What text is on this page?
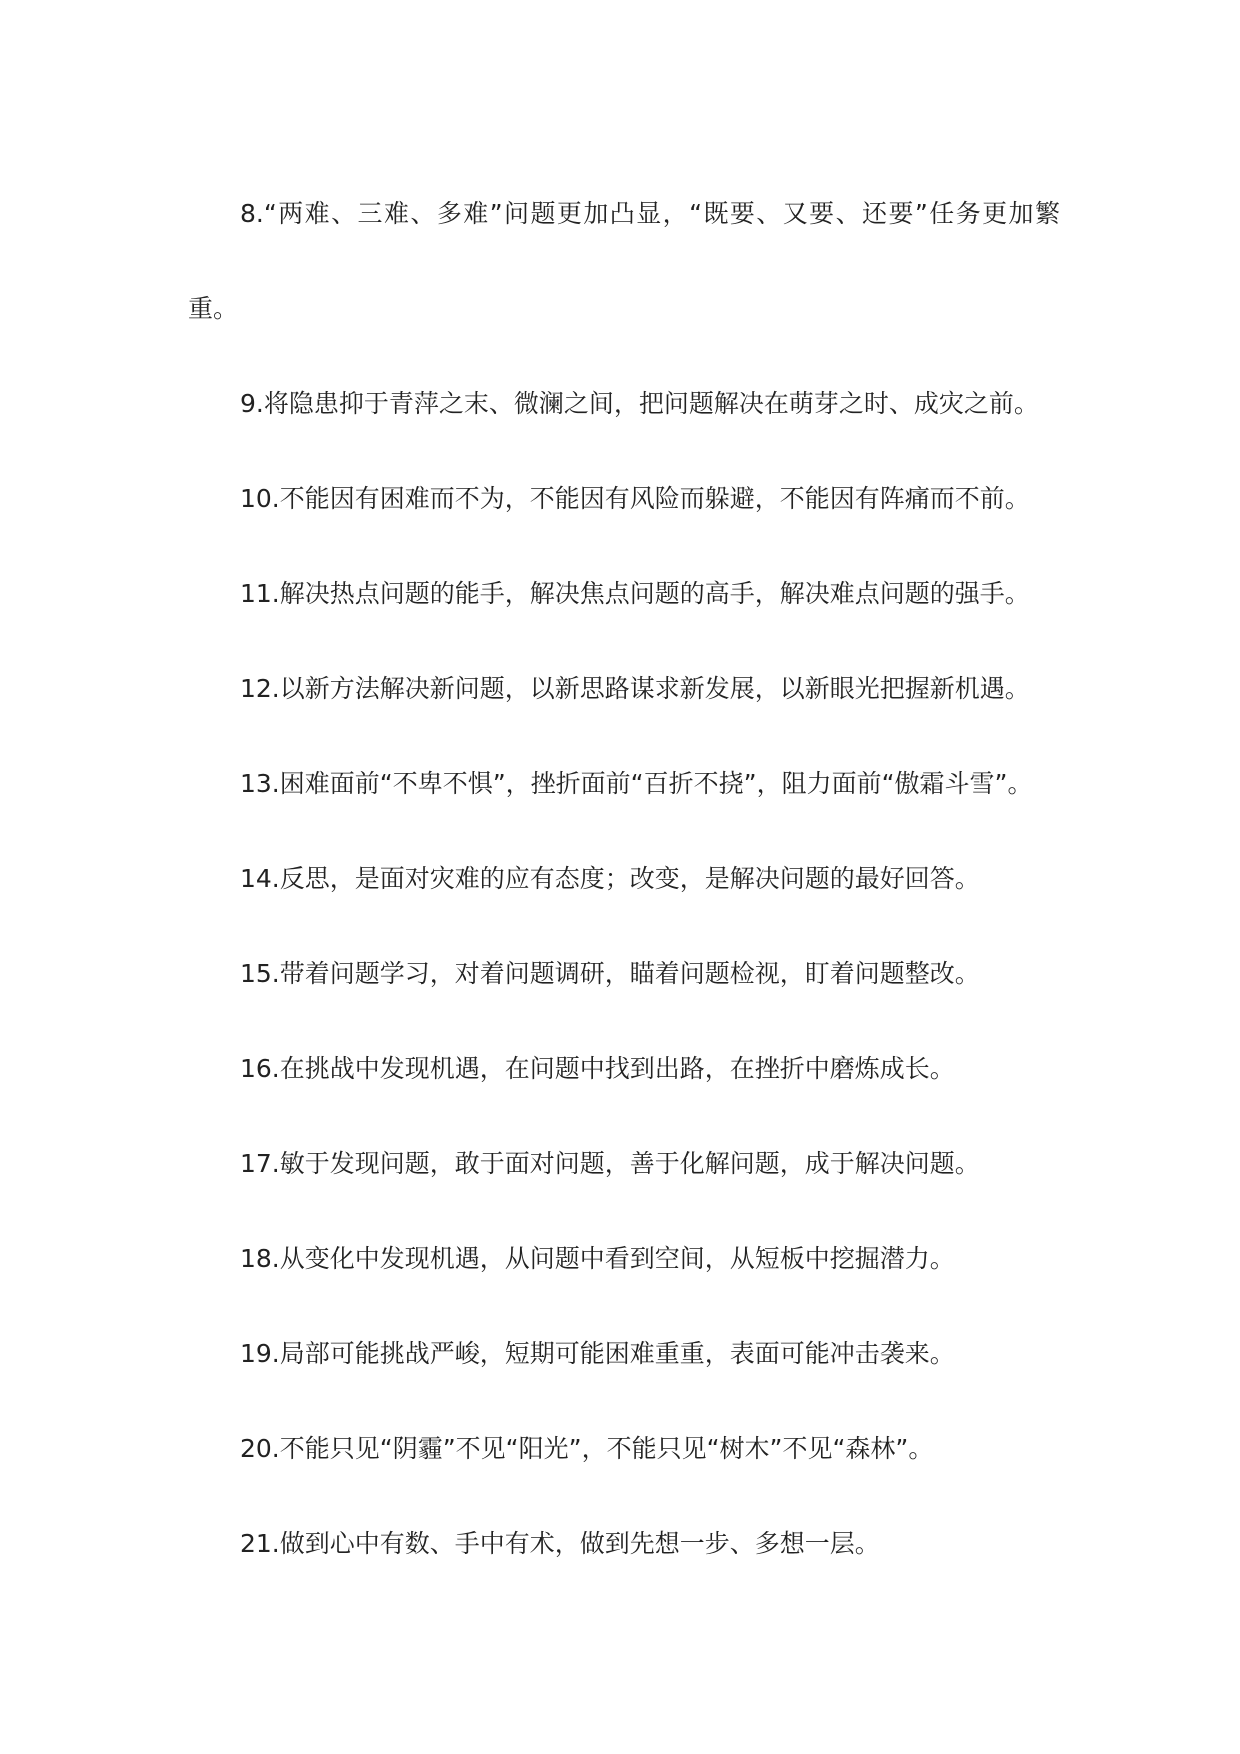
8.“两难、三难、多难”问题更加凸显，“既要、又要、还要”任务更加繁重。

9.将隐患抑于青萍之末、微澜之间，把问题解决在萌芽之时、成灾之前。

10.不能因有困难而不为，不能因有风险而躲避，不能因有阵痛而不前。

11.解决热点问题的能手，解决焦点问题的高手，解决难点问题的强手。

12.以新方法解决新问题，以新思路谋求新发展，以新眼光把握新机遇。

13.困难面前“不卑不惧”，挫折面前“百折不挠”，阻力面前“傲霜斗雪”。

14.反思，是面对灾难的应有态度；改变，是解决问题的最好回答。

15.带着问题学习，对着问题调研，瞄着问题检视，盯着问题整改。

16.在挑战中发现机遇，在问题中找到出路，在挫折中磨炼成长。

17.敏于发现问题，敢于面对问题，善于化解问题，成于解决问题。

18.从变化中发现机遇，从问题中看到空间，从短板中挖掘潜力。

19.局部可能挑战严峻，短期可能困难重重，表面可能冲击袭来。

20.不能只见“阴霾”不见“阳光”，不能只见“树木”不见“森林”。

21.做到心中有数、手中有术，做到先想一步、多想一层。
